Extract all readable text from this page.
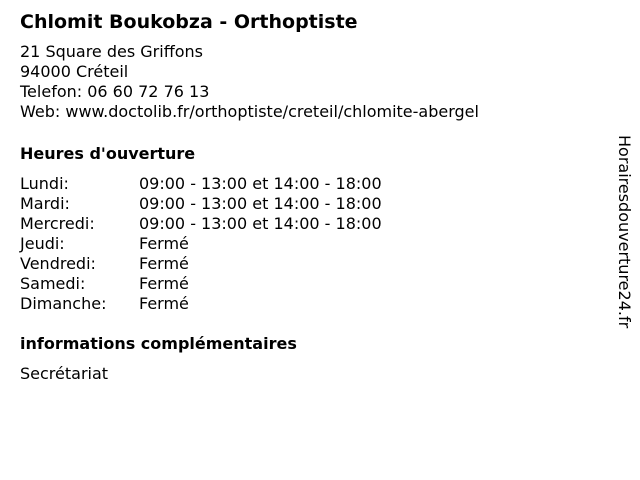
Chlomit Boukobza - Orthoptiste
21 Square des Griffons
94000 Créteil
Telefon: 06 60 72 76 13
Web: www.doctolib.fr/orthoptiste/creteil/chlomite-abergel
Heures d'ouverture
Lundi:	09:00 - 13:00 et 14:00 - 18:00
Mardi:	09:00 - 13:00 et 14:00 - 18:00
Mercredi:	09:00 - 13:00 et 14:00 - 18:00
Jeudi:	Fermé
Vendredi:	Fermé
Samedi:	Fermé
Dimanche:	Fermé
informations complémentaires
Secrétariat
Horairesdouverture24.fr
